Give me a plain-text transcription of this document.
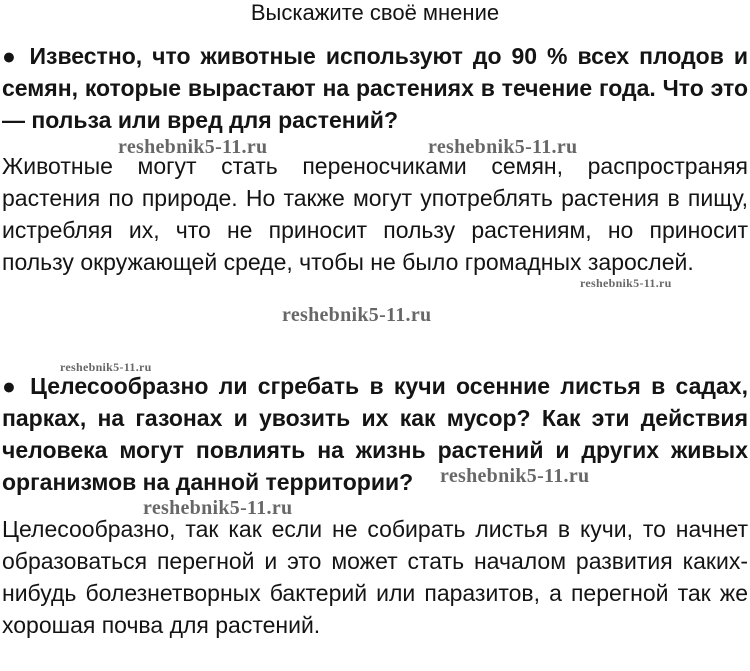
Выскажите своё мнение

● Известно, что животные используют до 90 % всех плодов и семян, которые вырастают на растениях в течение года. Что это — польза или вред для растений?

Животные могут стать переносчиками семян, распространяя растения по природе. Но также могут употреблять растения в пищу, истребляя их, что не приносит пользу растениям, но приносит пользу окружающей среде, чтобы не было громадных зарослей.

● Целесообразно ли сгребать в кучи осенние листья в садах, парках, на газонах и увозить их как мусор? Как эти действия человека могут повлиять на жизнь растений и других живых организмов на данной территории?

Целесообразно, так как если не собирать листья в кучи, то начнет образоваться перегной и это может стать началом развития каких-нибудь болезнетворных бактерий или паразитов, а перегной так же хорошая почва для растений.

reshebnik5-11.ru	reshebnik5-11.ru
reshebnik5-11.ru
reshebnik5-11.ru
reshebnik5-11.ru
reshebnik5-11.ru
reshebnik5-11.ru
